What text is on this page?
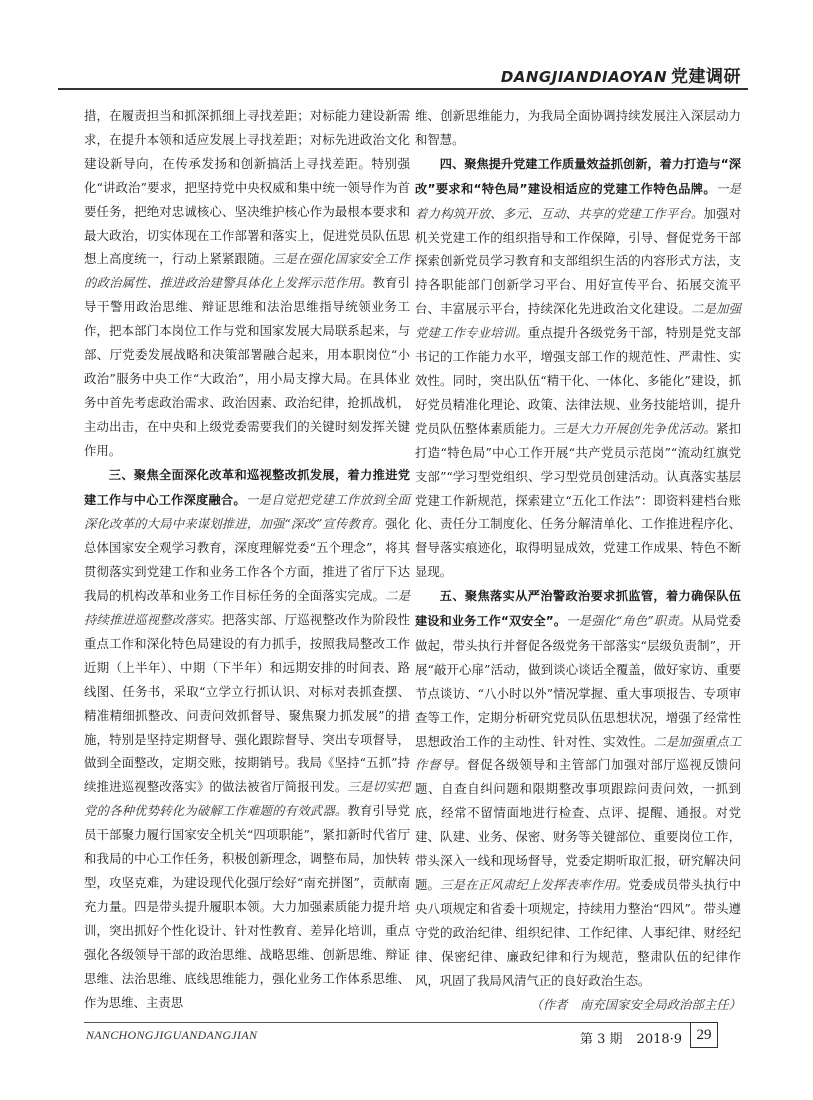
DANGJIANDIAOYAN 党建调研

措，在履责担当和抓深抓细上寻找差距；对标能力建设新需求，在提升本领和适应发展上寻找差距；对标先进政治文化建设新导向，在传承发扬和创新搞活上寻找差距。特别强化“讲政治”要求，把坚持党中央权威和集中统一领导作为首要任务，把绝对忠诚核心、坚决维护核心作为最根本要求和最大政治，切实体现在工作部署和落实上，促进党员队伍思想上高度统一，行动上紧紧跟随。三是在强化国家安全工作的政治属性、推进政治建警具体化上发挥示范作用。教育引导干警用政治思维、辩证思维和法治思维指导统领业务工作，把本部门本岗位工作与党和国家发展大局联系起来，与部、厅党委发展战略和决策部署融合起来，用本职岗位“小政治”服务中央工作“大政治”，用小局支撑大局。在具体业务中首先考虑政治需求、政治因素、政治纪律，抢抓战机，主动出击，在中央和上级党委需要我们的关键时刻发挥关键作用。

三、聚焦全面深化改革和巡视整改抓发展，着力推进党建工作与中心工作深度融合。一是自觉把党建工作放到全面深化改革的大局中来谋划推进，加强“深改”宣传教育。强化总体国家安全观学习教育，深度理解党委“五个理念”，将其贯彻落实到党建工作和业务工作各个方面，推进了省厅下达我局的机构改革和业务工作目标任务的全面落实完成。二是持续推进巡视整改落实。把落实部、厅巡视整改作为阶段性重点工作和深化特色局建设的有力抓手，按照我局整改工作近期（上半年）、中期（下半年）和远期安排的时间表、路线图、任务书，采取“立学立行抓认识、对标对表抓查摆、精准精细抓整改、问责问效抓督导、聚焦聚力抓发展”的措施，特别是坚持定期督导、强化跟踪督导、突出专项督导，做到全面整改，定期交账，按期销号。我局《坚持“五抓”持续推进巡视整改落实》的做法被省厅简报刊发。三是切实把党的各种优势转化为破解工作难题的有效武器。教育引导党员干部聚力履行国家安全机关“四项职能”，紧扣新时代省厅和我局的中心工作任务，积极创新理念，调整布局，加快转型，攻坚克难，为建设现代化强厅绘好“南充拼图”，贡献南充力量。四是带头提升履职本领。大力加强素质能力提升培训，突出抓好个性化设计、针对性教育、差异化培训，重点强化各级领导干部的政治思维、战略思维、创新思维、辩证思维、法治思维、底线思维能力，强化业务工作体系思维、作为思维、主责思

维、创新思维能力，为我局全面协调持续发展注入深层动力和智慧。

四、聚焦提升党建工作质量效益抓创新，着力打造与“深改”要求和“特色局”建设相适应的党建工作特色品牌。一是着力构筑开放、多元、互动、共享的党建工作平台。加强对机关党建工作的组织指导和工作保障，引导、督促党务干部探索创新党员学习教育和支部组织生活的内容形式方法，支持各职能部门创新学习平台、用好宣传平台、拓展交流平台、丰富展示平台，持续深化先进政治文化建设。二是加强党建工作专业培训。重点提升各级党务干部，特别是党支部书记的工作能力水平，增强支部工作的规范性、严肃性、实效性。同时，突出队伍“精干化、一体化、多能化”建设，抓好党员精准化理论、政策、法律法规、业务技能培训，提升党员队伍整体素质能力。三是大力开展创先争优活动。紧扣打造“特色局”中心工作开展“共产党员示范岗”“流动红旗党支部”“学习型党组织、学习型党员创建活动。认真落实基层党建工作新规范，探索建立“五化工作法”：即资料建档台账化、责任分工制度化、任务分解清单化、工作推进程序化、督导落实痕迹化，取得明显成效，党建工作成果、特色不断显现。

五、聚焦落实从严治警政治要求抓监管，着力确保队伍建设和业务工作“双安全”。一是强化“角色”职责。从局党委做起，带头执行并督促各级党务干部落实“层级负责制”，开展“敲开心扉”活动，做到谈心谈话全覆盖，做好家访、重要节点谈访、“八小时以外”情况掌握、重大事项报告、专项审查等工作，定期分析研究党员队伍思想状况，增强了经常性思想政治工作的主动性、针对性、实效性。二是加强重点工作督导。督促各级领导和主管部门加强对部厅巡视反馈问题、自查自纠问题和限期整改事项跟踪问责问效，一抓到底，经常不留情面地进行检查、点评、提醒、通报。对党建、队建、业务、保密、财务等关键部位、重要岗位工作，带头深入一线和现场督导，党委定期听取汇报，研究解决问题。三是在正风肃纪上发挥表率作用。党委成员带头执行中央八项规定和省委十项规定，持续用力整治“四风”。带头遵守党的政治纪律、组织纪律、工作纪律、人事纪律、财经纪律、保密纪律、廉政纪律和行为规范，整肃队伍的纪律作风，巩固了我局风清气正的良好政治生态。

（作者　南充国家安全局政治部主任）

NANCHONGJIGUANDANGJIAN	第 3 期 2018·9 29
